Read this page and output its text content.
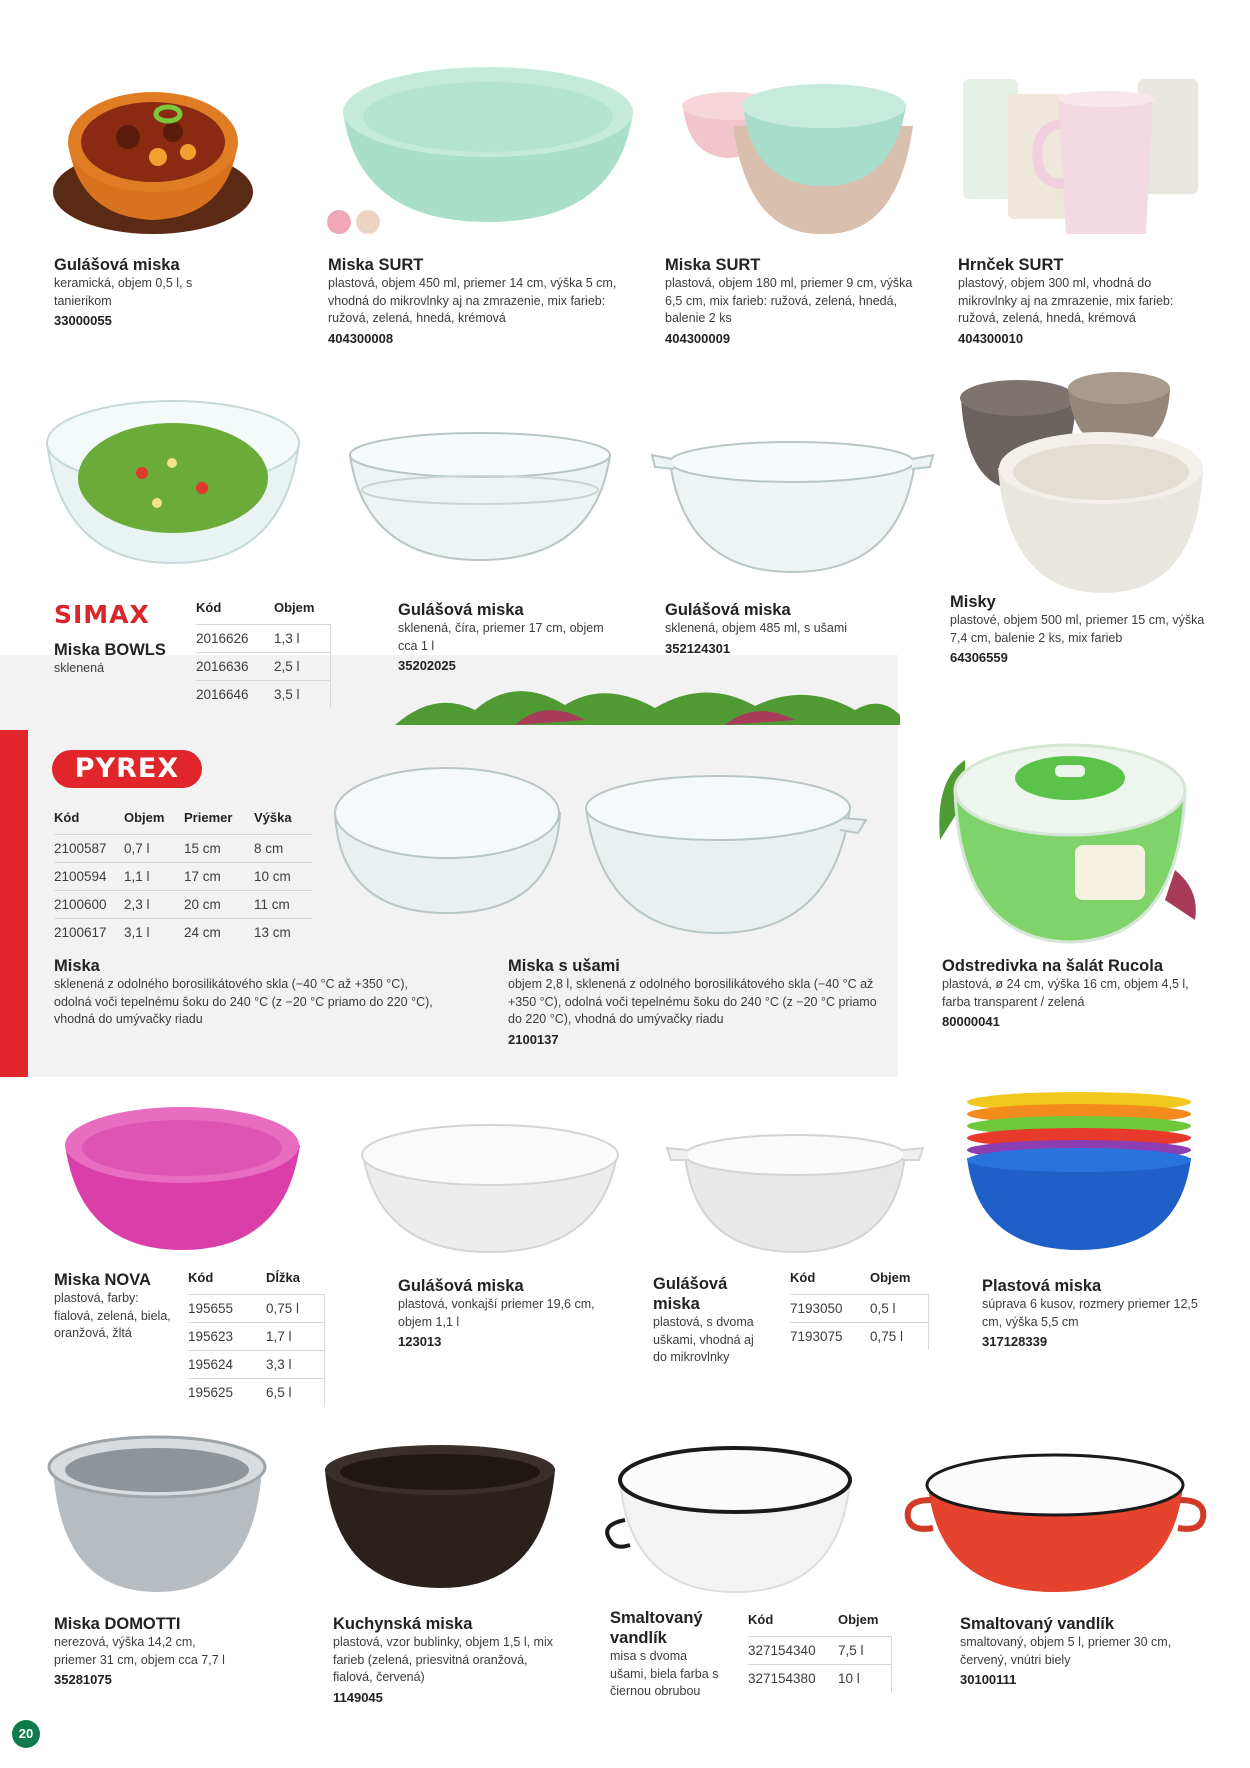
Gulášová miska
keramická, objem 0,5 l, s tanierikom
33000055
Miska SURT
plastová, objem 450 ml, priemer 14 cm, výška 5 cm, vhodná do mikrovlnky aj na zmrazenie, mix farieb: ružová, zelená, hnedá, krémová
404300008
Miska SURT
plastová, objem 180 ml, priemer 9 cm, výška 6,5 cm, mix farieb: ružová, zelená, hnedá, balenie 2 ks
404300009
Hrnček SURT
plastový, objem 300 ml, vhodná do mikrovlnky aj na zmrazenie, mix farieb: ružová, zelená, hnedá, krémová
404300010
SIMAX
Miska BOWLS
sklenená
Kód	Objem
2016626	1,3 l
2016636	2,5 l
2016646	3,5 l
Gulášová miska
sklenená, číra, priemer 17 cm, objem cca 1 l
35202025
Gulášová miska
sklenená, objem 485 ml, s ušami
352124301
Misky
plastové, objem 500 ml, priemer 15 cm, výška 7,4 cm, balenie 2 ks, mix farieb
64306559
PYREX
Kód	Objem	Priemer	Výška
2100587	0,7 l	15 cm	8 cm
2100594	1,1 l	17 cm	10 cm
2100600	2,3 l	20 cm	11 cm
2100617	3,1 l	24 cm	13 cm
Miska
sklenená z odolného borosilikátového skla (−40 °C až +350 °C), odolná voči tepelnému šoku do 240 °C (z −20 °C priamo do 220 °C), vhodná do umývačky riadu
Miska s ušami
objem 2,8 l, sklenená z odolného borosilikátového skla (−40 °C až +350 °C), odolná voči tepelnému šoku do 240 °C (z −20 °C priamo do 220 °C), vhodná do umývačky riadu
2100137
Odstredivka na šalát Rucola
plastová, ø 24 cm, výška 16 cm, objem 4,5 l, farba transparent / zelená
80000041
Miska NOVA
plastová, farby: fialová, zelená, biela, oranžová, žltá
Kód	Dĺžka
195655	0,75 l
195623	1,7 l
195624	3,3 l
195625	6,5 l
Gulášová miska
plastová, vonkajší priemer 19,6 cm, objem 1,1 l
123013
Gulášová miska
plastová, s dvoma uškami, vhodná aj do mikrovlnky
Kód	Objem
7193050	0,5 l
7193075	0,75 l
Plastová miska
súprava 6 kusov, rozmery priemer 12,5 cm, výška 5,5 cm
317128339
Miska DOMOTTI
nerezová, výška 14,2 cm, priemer 31 cm, objem cca 7,7 l
35281075
Kuchynská miska
plastová, vzor bublinky, objem 1,5 l, mix farieb (zelená, priesvitná oranžová, fialová, červená)
1149045
Smaltovaný vandlík
misa s dvoma ušami, biela farba s čiernou obrubou
Kód	Objem
327154340	7,5 l
327154380	10 l
Smaltovaný vandlík
smaltovaný, objem 5 l, priemer 30 cm, červený, vnútri biely
30100111
20
